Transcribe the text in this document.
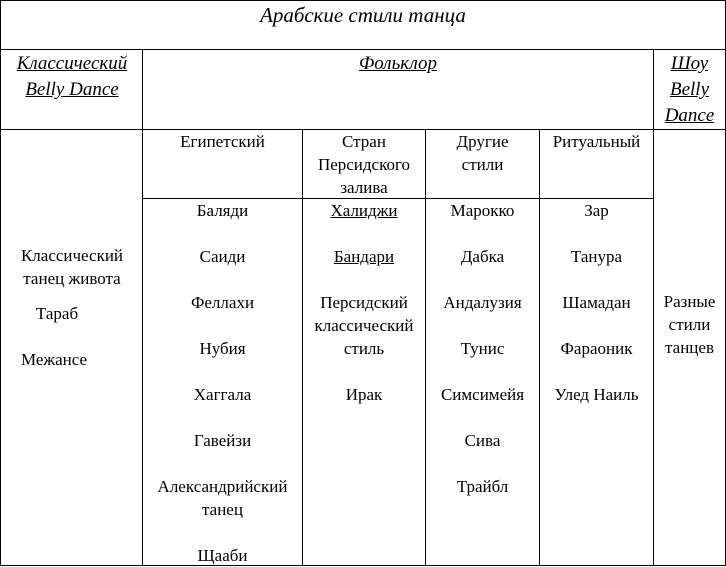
Арабские стили танца
Классический Belly Dance
Фольклор	Шоу Belly Dance
Египетский	Стран Персидского залива
Другие стили
Ритуальный
Классический танец живота
Тараб
Межансе
Баляди
Саиди
Феллахи
Нубия
Хаггала
Гавейзи
Александрийский танец
Щааби
Халиджи
Бандари
Персидский классический стиль
Ирак
Марокко
Дабка
Андалузия
Тунис
Симсимейя
Сива
Трайбл
Зар
Танура
Шамадан
Фараоник
Улед Наиль
Разные стили танцев
